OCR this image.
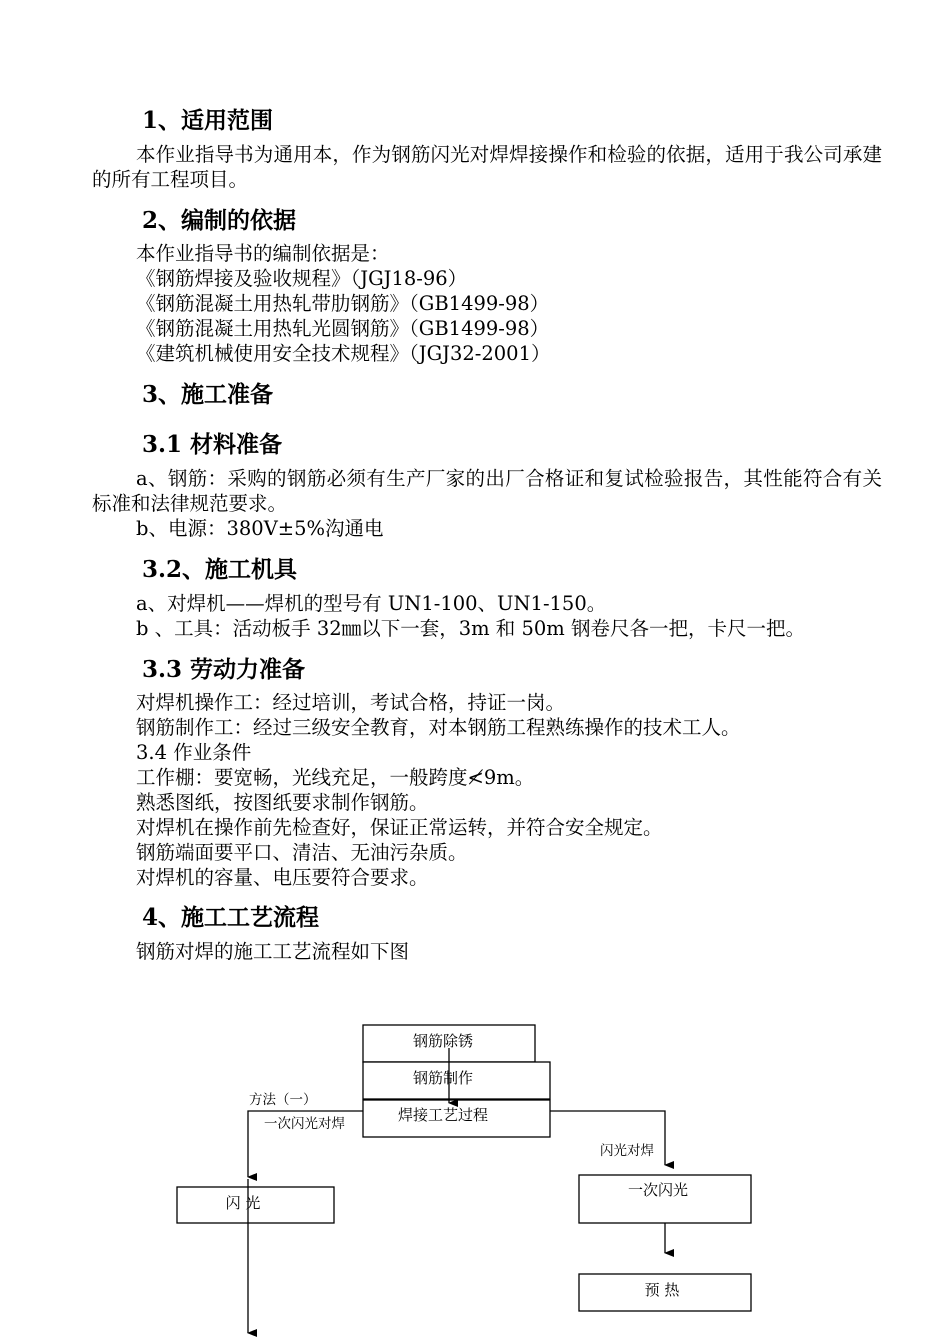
1、适用范围
本作业指导书为通用本，作为钢筋闪光对焊焊接操作和检验的依据，适用于我公司承建的所有工程项目。
2、编制的依据
本作业指导书的编制依据是：
《钢筋焊接及验收规程》（JGJ18-96）
《钢筋混凝土用热轧带肋钢筋》（GB1499-98）
《钢筋混凝土用热轧光圆钢筋》（GB1499-98）
《建筑机械使用安全技术规程》（JGJ32-2001）
3、施工准备
3.1 材料准备
a、钢筋：采购的钢筋必须有生产厂家的出厂合格证和复试检验报告，其性能符合有关标准和法律规范要求。
b、电源：380V±5%沟通电
3.2、施工机具
a、对焊机——焊机的型号有 UN1-100、UN1-150。
b 、工具：活动板手 32㎜以下一套，3m 和 50m 钢卷尺各一把，卡尺一把。
3.3 劳动力准备
对焊机操作工：经过培训，考试合格，持证一岗。
钢筋制作工：经过三级安全教育，对本钢筋工程熟练操作的技术工人。
3.4 作业条件
工作棚：要宽畅，光线充足，一般跨度≮9m。
熟悉图纸，按图纸要求制作钢筋。
对焊机在操作前先检查好，保证正常运转，并符合安全规定。
钢筋端面要平口、清洁、无油污杂质。
对焊机的容量、电压要符合要求。
4、施工工艺流程
钢筋对焊的施工工艺流程如下图
钢筋除锈
钢筋制作
焊接工艺过程
方法（一）
一次闪光对焊
闪 光
闪光对焊
一次闪光
预 热
